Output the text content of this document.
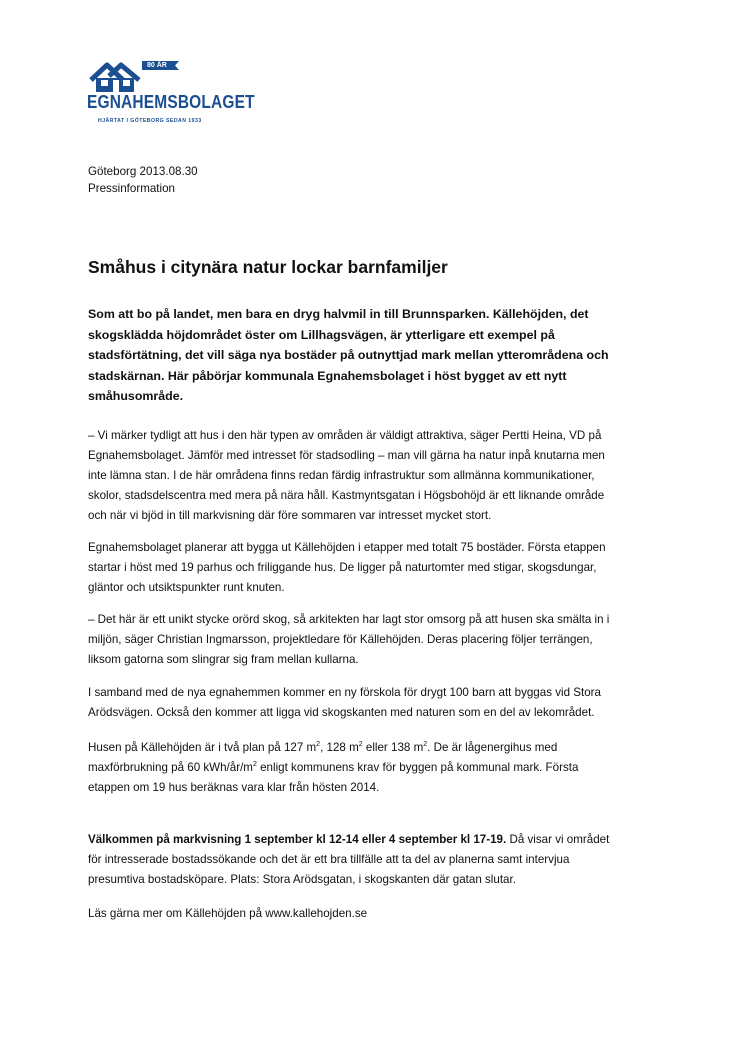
80 ÅR
EGNAHEMSBOLAGET
HJÄRTAT I GÖTEBORG SEDAN 1933
Göteborg 2013.08.30
Pressinformation
Småhus i citynära natur lockar barnfamiljer

Som att bo på landet, men bara en dryg halvmil in till Brunnsparken. Källehöjden, det
skogsklädda höjdområdet öster om Lillhagsvägen, är ytterligare ett exempel på
stadsförtätning, det vill säga nya bostäder på outnyttjad mark mellan ytterområdena och
stadskärnan. Här påbörjar kommunala Egnahemsbolaget i höst bygget av ett nytt
småhusområde.

– Vi märker tydligt att hus i den här typen av områden är väldigt attraktiva, säger Pertti Heina, VD på
Egnahemsbolaget. Jämför med intresset för stadsodling – man vill gärna ha natur inpå knutarna men
inte lämna stan. I de här områdena finns redan färdig infrastruktur som allmänna kommunikationer,
skolor, stadsdelscentra med mera på nära håll. Kastmyntsgatan i Högsbohöjd är ett liknande område
och när vi bjöd in till markvisning där före sommaren var intresset mycket stort.

Egnahemsbolaget planerar att bygga ut Källehöjden i etapper med totalt 75 bostäder. Första etappen
startar i höst med 19 parhus och friliggande hus. De ligger på naturtomter med stigar, skogsdungar,
gläntor och utsiktspunkter runt knuten.

– Det här är ett unikt stycke orörd skog, så arkitekten har lagt stor omsorg på att husen ska smälta in i
miljön, säger Christian Ingmarsson, projektledare för Källehöjden. Deras placering följer terrängen,
liksom gatorna som slingrar sig fram mellan kullarna.

I samband med de nya egnahemmen kommer en ny förskola för drygt 100 barn att byggas vid Stora
Arödsvägen. Också den kommer att ligga vid skogskanten med naturen som en del av lekområdet.

Husen på Källehöjden är i två plan på 127 $m^2$, 128 $m^2$ eller 138 $m^2$. De är lågenergihus med
maxförbrukning på 60 kWh/$år/m^2$ enligt kommunens krav för byggen på kommunal mark. Första
etappen om 19 hus beräknas vara klar från hösten 2014.

Välkommen på markvisning 1 september kl 12-14 eller 4 september kl 17-19. Då visar vi området
för intresserade bostadssökande och det är ett bra tillfälle att ta del av planerna samt intervjua
presumtiva bostadsköpare. Plats: Stora Arödsgatan, i skogskanten där gatan slutar.

Läs gärna mer om Källehöjden på www.kallehojden.se
